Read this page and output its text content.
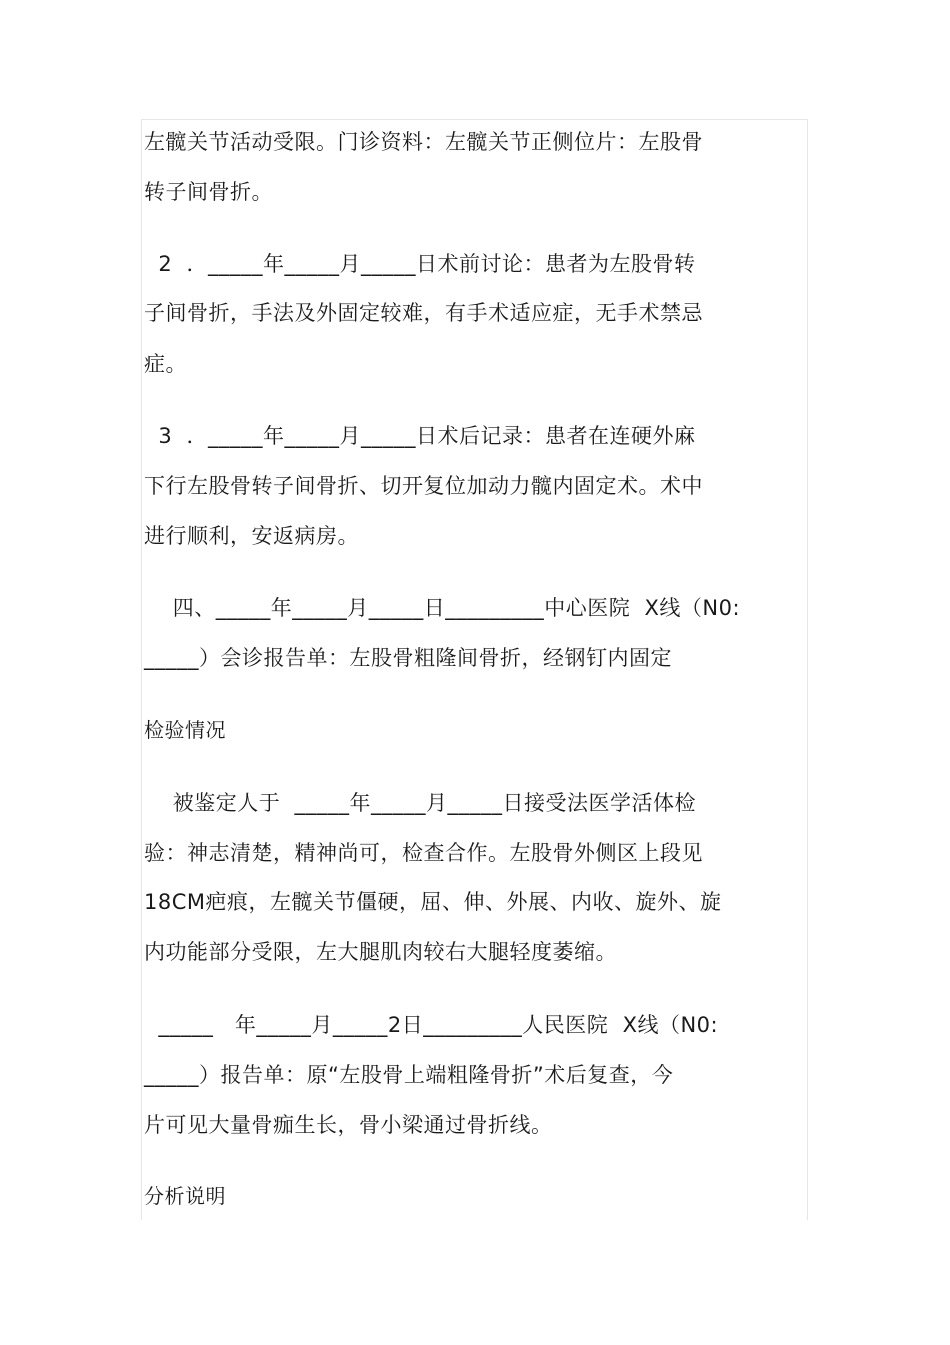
左髋关节活动受限。门诊资料：左髋关节正侧位片：左股骨
转子间骨折。
2  ．_____年_____月_____日术前讨论：患者为左股骨转
子间骨折，手法及外固定较难，有手术适应症，无手术禁忌
症。
3  ．_____年_____月_____日术后记录：患者在连硬外麻
下行左股骨转子间骨折、切开复位加动力髋内固定术。术中
进行顺利，安返病房。
四、_____年_____月_____日_________中心医院  X线（N0:
_____）会诊报告单：左股骨粗隆间骨折，经钢钉内固定
检验情况
被鉴定人于  _____年_____月_____日接受法医学活体检
验：神志清楚，精神尚可，检查合作。左股骨外侧区上段见
18CM疤痕，左髋关节僵硬，屈、伸、外展、内收、旋外、旋
内功能部分受限，左大腿肌肉较右大腿轻度萎缩。
_____   年_____月_____2日_________人民医院  X线（N0:
_____）报告单：原“左股骨上端粗隆骨折”术后复查，今
片可见大量骨痂生长，骨小梁通过骨折线。
分析说明
